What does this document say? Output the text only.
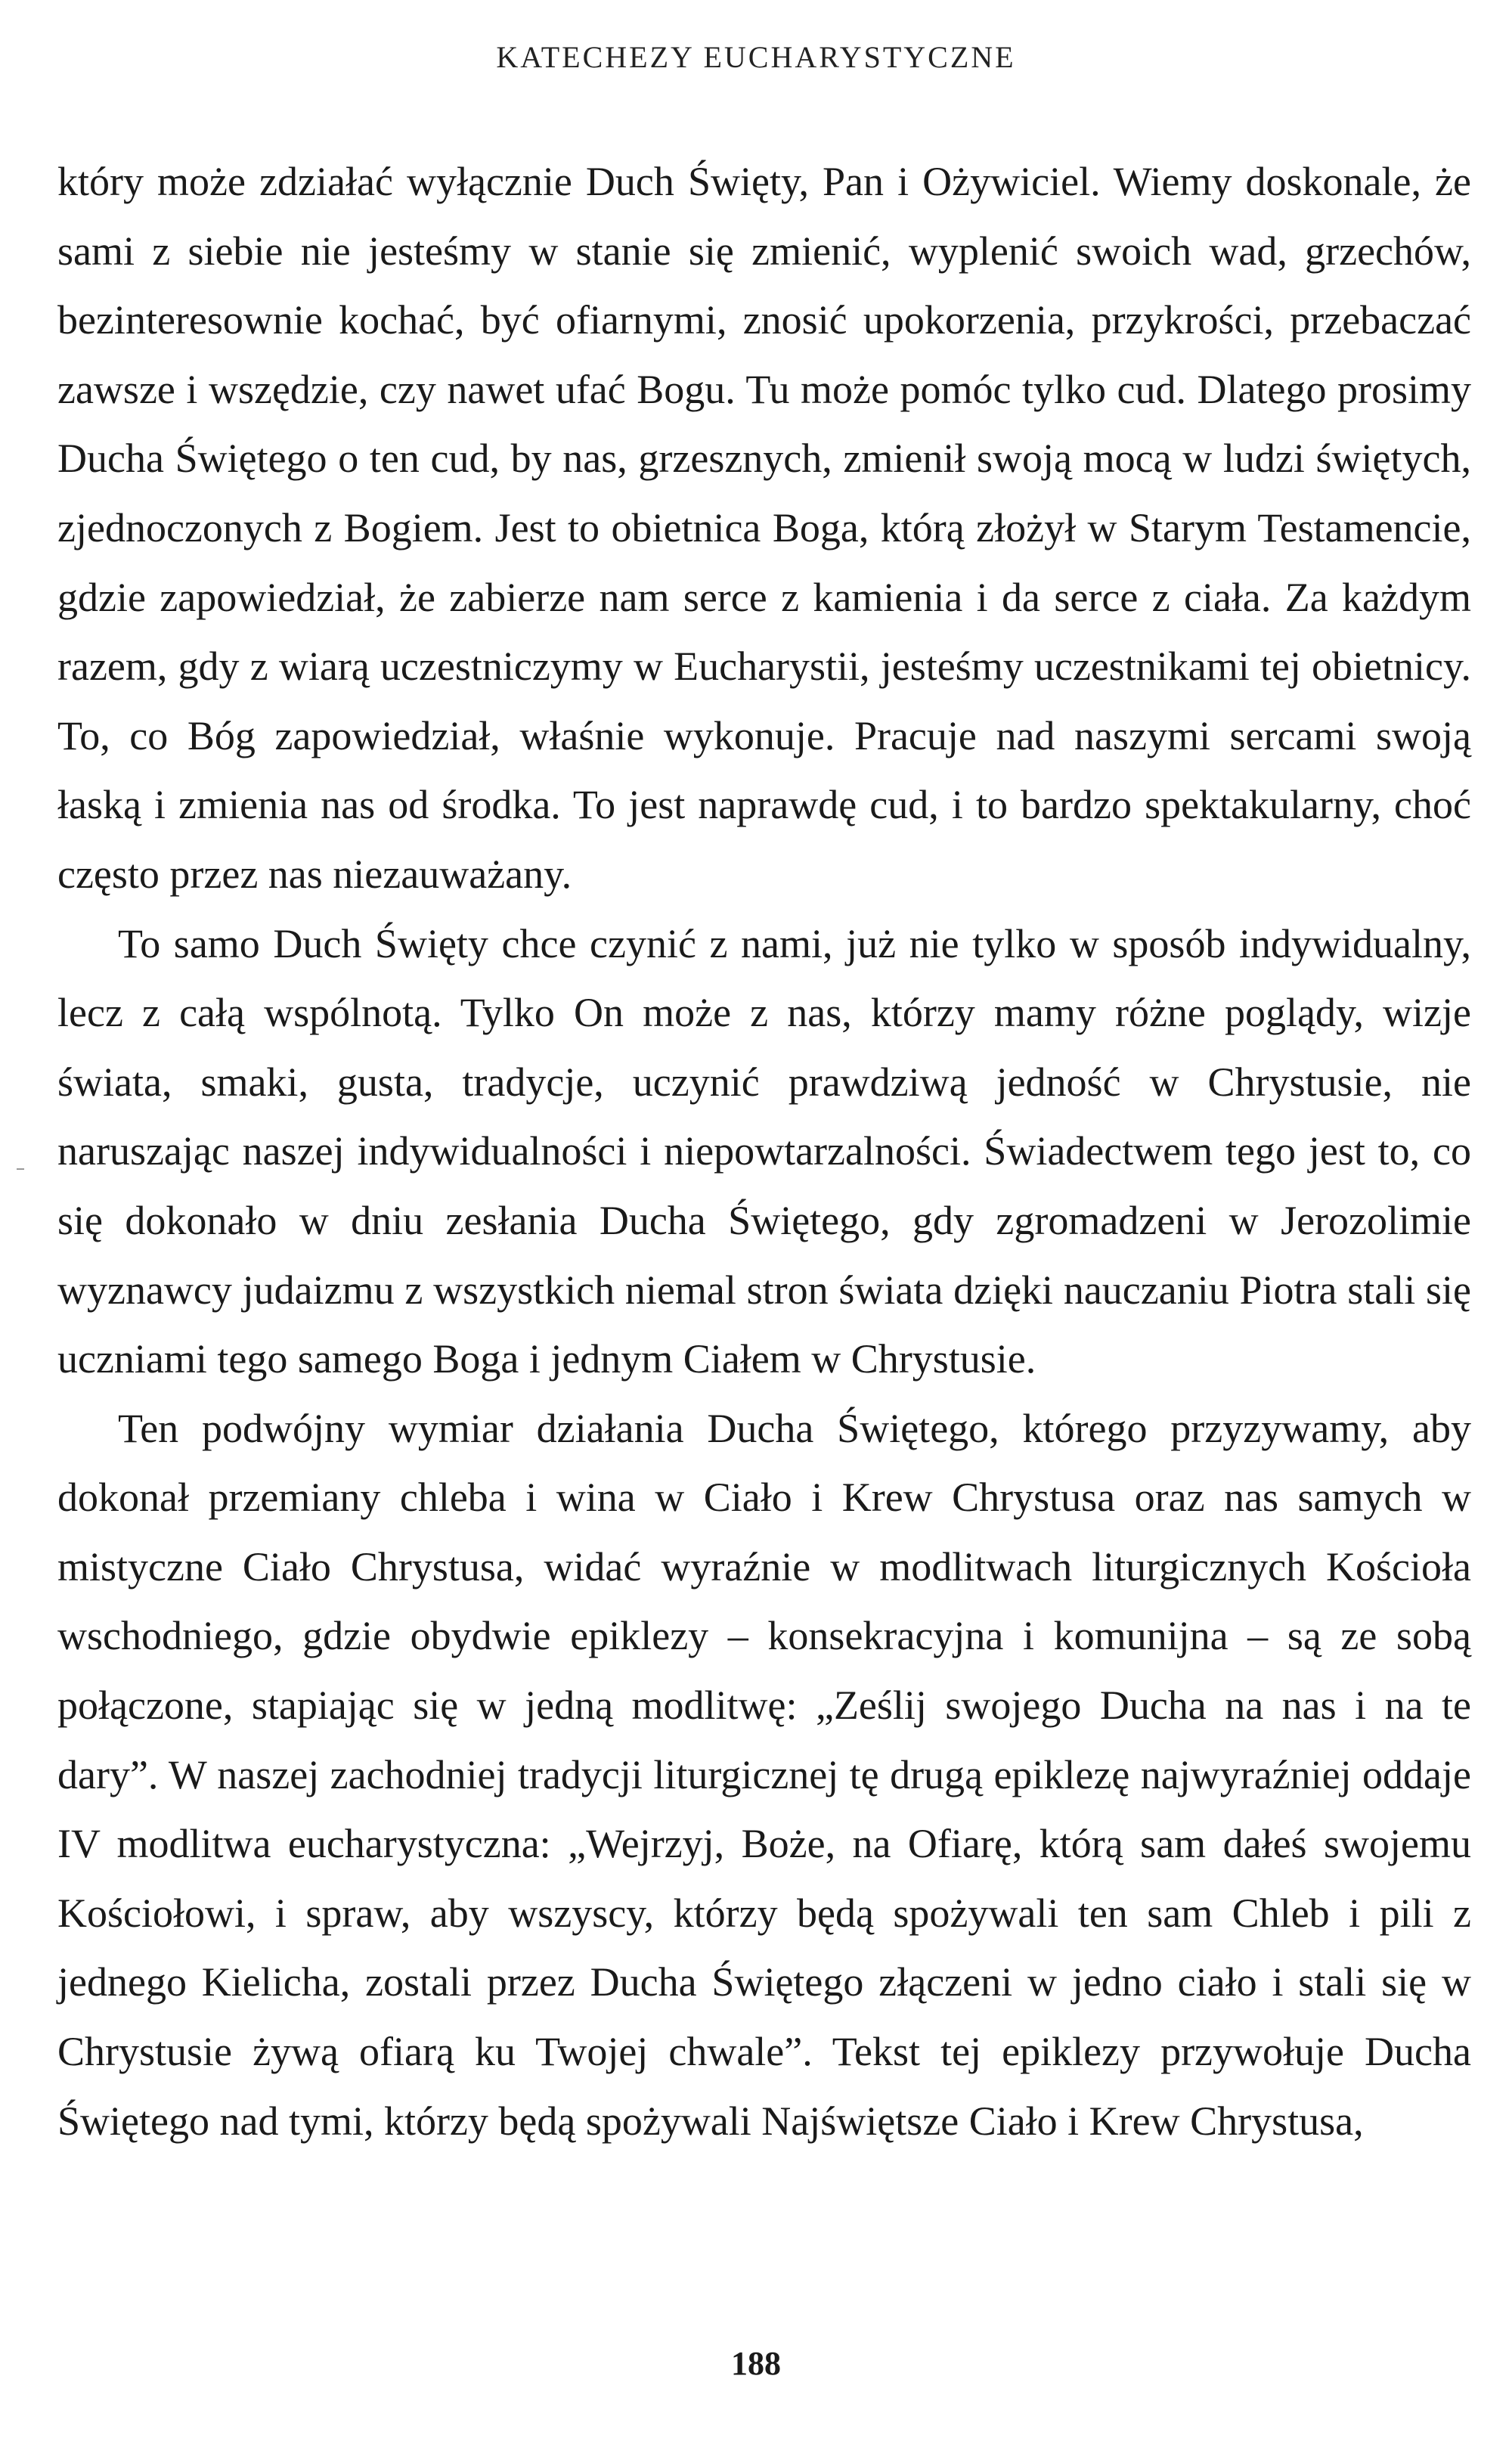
KATECHEZY EUCHARYSTYCZNE

który może zdziałać wyłącznie Duch Święty, Pan i Ożywiciel. Wiemy doskonale, że sami z siebie nie jesteśmy w stanie się zmienić, wyplenić swoich wad, grzechów, bezinteresownie kochać, być ofiarnymi, znosić upokorzenia, przykrości, przebaczać zawsze i wszędzie, czy nawet ufać Bogu. Tu może pomóc tylko cud. Dlatego prosimy Ducha Świętego o ten cud, by nas, grzesznych, zmienił swoją mocą w ludzi świętych, zjednoczonych z Bogiem. Jest to obietnica Boga, którą złożył w Starym Testamencie, gdzie zapowiedział, że zabierze nam serce z kamienia i da serce z ciała. Za każdym razem, gdy z wiarą uczestniczymy w Eucharystii, jesteśmy uczestnikami tej obietnicy. To, co Bóg zapowiedział, właśnie wykonuje. Pracuje nad naszymi sercami swoją łaską i zmienia nas od środka. To jest naprawdę cud, i to bardzo spektakularny, choć często przez nas niezauważany.

To samo Duch Święty chce czynić z nami, już nie tylko w sposób indywidualny, lecz z całą wspólnotą. Tylko On może z nas, którzy mamy różne poglądy, wizje świata, smaki, gusta, tradycje, uczynić prawdziwą jedność w Chrystusie, nie naruszając naszej indywidualności i niepowtarzalności. Świadectwem tego jest to, co się dokonało w dniu zesłania Ducha Świętego, gdy zgromadzeni w Jerozolimie wyznawcy judaizmu z wszystkich niemal stron świata dzięki nauczaniu Piotra stali się uczniami tego samego Boga i jednym Ciałem w Chrystusie.

Ten podwójny wymiar działania Ducha Świętego, którego przyzywamy, aby dokonał przemiany chleba i wina w Ciało i Krew Chrystusa oraz nas samych w mistyczne Ciało Chrystusa, widać wyraźnie w modlitwach liturgicznych Kościoła wschodniego, gdzie obydwie epiklezy – konsekracyjna i komunijna – są ze sobą połączone, stapiając się w jedną modlitwę: „Ześlij swojego Ducha na nas i na te dary”. W naszej zachodniej tradycji liturgicznej tę drugą epiklezę najwyraźniej oddaje IV modlitwa eucharystyczna: „Wejrzyj, Boże, na Ofiarę, którą sam dałeś swojemu Kościołowi, i spraw, aby wszyscy, którzy będą spożywali ten sam Chleb i pili z jednego Kielicha, zostali przez Ducha Świętego złączeni w jedno ciało i stali się w Chrystusie żywą ofiarą ku Twojej chwale”. Tekst tej epiklezy przywołuje Ducha Świętego nad tymi, którzy będą spożywali Najświętsze Ciało i Krew Chrystusa,

188
